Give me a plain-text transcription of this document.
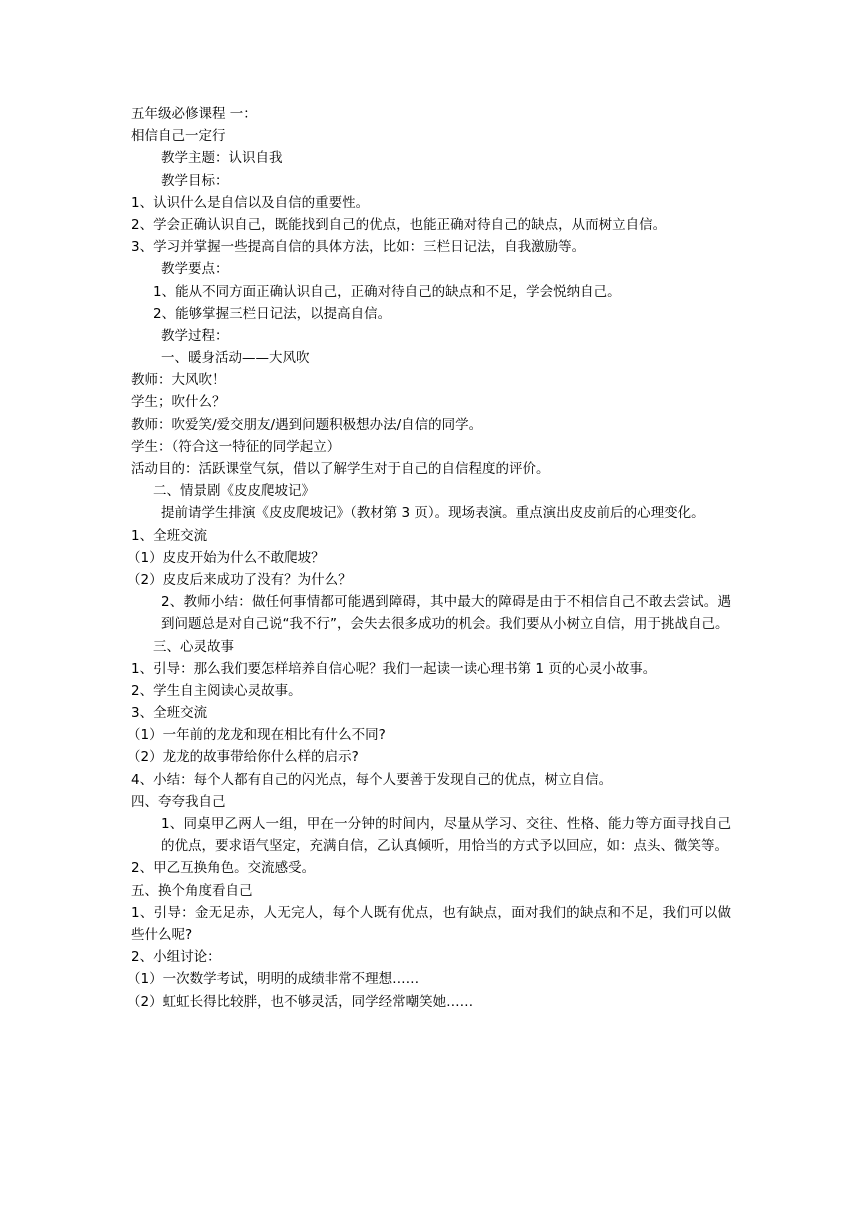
五年级必修课程 一：
相信自己一定行
教学主题：认识自我
教学目标：
1、认识什么是自信以及自信的重要性。
2、学会正确认识自己，既能找到自己的优点，也能正确对待自己的缺点，从而树立自信。
3、学习并掌握一些提高自信的具体方法，比如：三栏日记法，自我激励等。
教学要点：
1、能从不同方面正确认识自己，正确对待自己的缺点和不足，学会悦纳自己。
2、能够掌握三栏日记法，以提高自信。
教学过程：
一、暖身活动——大风吹
教师：大风吹！
学生；吹什么？
教师：吹爱笑/爱交朋友/遇到问题积极想办法/自信的同学。
学生：（符合这一特征的同学起立）
活动目的：活跃课堂气氛，借以了解学生对于自己的自信程度的评价。
二、情景剧《皮皮爬坡记》
提前请学生排演《皮皮爬坡记》（教材第 3 页）。现场表演。重点演出皮皮前后的心理变化。
1、全班交流
（1）皮皮开始为什么不敢爬坡？
（2）皮皮后来成功了没有？为什么？
2、教师小结：做任何事情都可能遇到障碍，其中最大的障碍是由于不相信自己不敢去尝试。遇到问题总是对自己说“我不行”，会失去很多成功的机会。我们要从小树立自信，用于挑战自己。
三、心灵故事
1、引导：那么我们要怎样培养自信心呢？我们一起读一读心理书第 1 页的心灵小故事。
2、学生自主阅读心灵故事。
3、全班交流
（1）一年前的龙龙和现在相比有什么不同?
（2）龙龙的故事带给你什么样的启示?
4、小结：每个人都有自己的闪光点，每个人要善于发现自己的优点，树立自信。
四、夸夸我自己
1、同桌甲乙两人一组，甲在一分钟的时间内，尽量从学习、交往、性格、能力等方面寻找自己的优点，要求语气坚定，充满自信，乙认真倾听，用恰当的方式予以回应，如：点头、微笑等。
2、甲乙互换角色。交流感受。
五、换个角度看自己
1、引导：金无足赤，人无完人，每个人既有优点，也有缺点，面对我们的缺点和不足，我们可以做些什么呢?
2、小组讨论：
（1）一次数学考试，明明的成绩非常不理想……
（2）虹虹长得比较胖，也不够灵活，同学经常嘲笑她……
